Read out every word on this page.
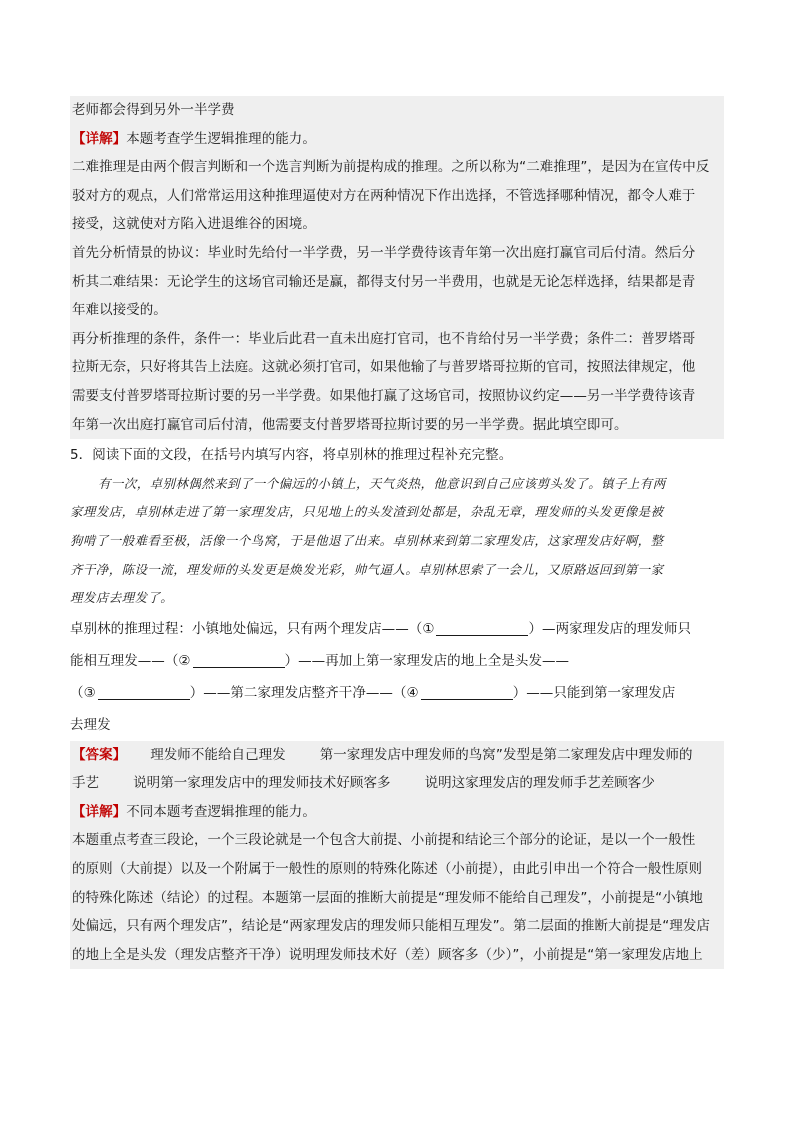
老师都会得到另外一半学费
【详解】本题考查学生逻辑推理的能力。
二难推理是由两个假言判断和一个选言判断为前提构成的推理。之所以称为“二难推理”，是因为在宣传中反
驳对方的观点，人们常常运用这种推理逼使对方在两种情况下作出选择，不管选择哪种情况，都令人难于
接受，这就使对方陷入进退维谷的困境。
首先分析情景的协议：毕业时先给付一半学费，另一半学费待该青年第一次出庭打赢官司后付清。然后分
析其二难结果：无论学生的这场官司输还是赢，都得支付另一半费用，也就是无论怎样选择，结果都是青
年难以接受的。
再分析推理的条件，条件一：毕业后此君一直未出庭打官司，也不肯给付另一半学费；条件二：普罗塔哥
拉斯无奈，只好将其告上法庭。这就必须打官司，如果他输了与普罗塔哥拉斯的官司，按照法律规定，他
需要支付普罗塔哥拉斯讨要的另一半学费。如果他打赢了这场官司，按照协议约定——另一半学费待该青
年第一次出庭打赢官司后付清，他需要支付普罗塔哥拉斯讨要的另一半学费。据此填空即可。
5．阅读下面的文段，在括号内填写内容，将卓别林的推理过程补充完整。
有一次，卓别林偶然来到了一个偏远的小镇上，天气炎热，他意识到自己应该剪头发了。镇子上有两
家理发店，卓别林走进了第一家理发店，只见地上的头发渣到处都是，杂乱无章，理发师的头发更像是被
狗啃了一般难看至极，活像一个鸟窝，于是他退了出来。卓别林来到第二家理发店，这家理发店好啊，整
齐干净，陈设一流，理发师的头发更是焕发光彩，帅气逼人。卓别林思索了一会儿，又原路返回到第一家
理发店去理发了。
卓别林的推理过程：小镇地处偏远，只有两个理发店——（①	）—两家理发店的理发师只
能相互理发——（②	）——再加上第一家理发店的地上全是头发——
（③	）——第二家理发店整齐干净——（④	）——只能到第一家理发店
去理发
【答案】 理发师不能给自己理发	第一家理发店中理发师的鸟窝”发型是第二家理发店中理发师的
手艺	说明第一家理发店中的理发师技术好顾客多	说明这家理发店的理发师手艺差顾客少
【详解】不同本题考查逻辑推理的能力。
本题重点考查三段论，一个三段论就是一个包含大前提、小前提和结论三个部分的论证，是以一个一般性
的原则（大前提）以及一个附属于一般性的原则的特殊化陈述（小前提），由此引申出一个符合一般性原则
的特殊化陈述（结论）的过程。本题第一层面的推断大前提是“理发师不能给自己理发”，小前提是“小镇地
处偏远，只有两个理发店”，结论是“两家理发店的理发师只能相互理发”。第二层面的推断大前提是“理发店
的地上全是头发（理发店整齐干净）说明理发师技术好（差）顾客多（少）”，小前提是“第一家理发店地上
